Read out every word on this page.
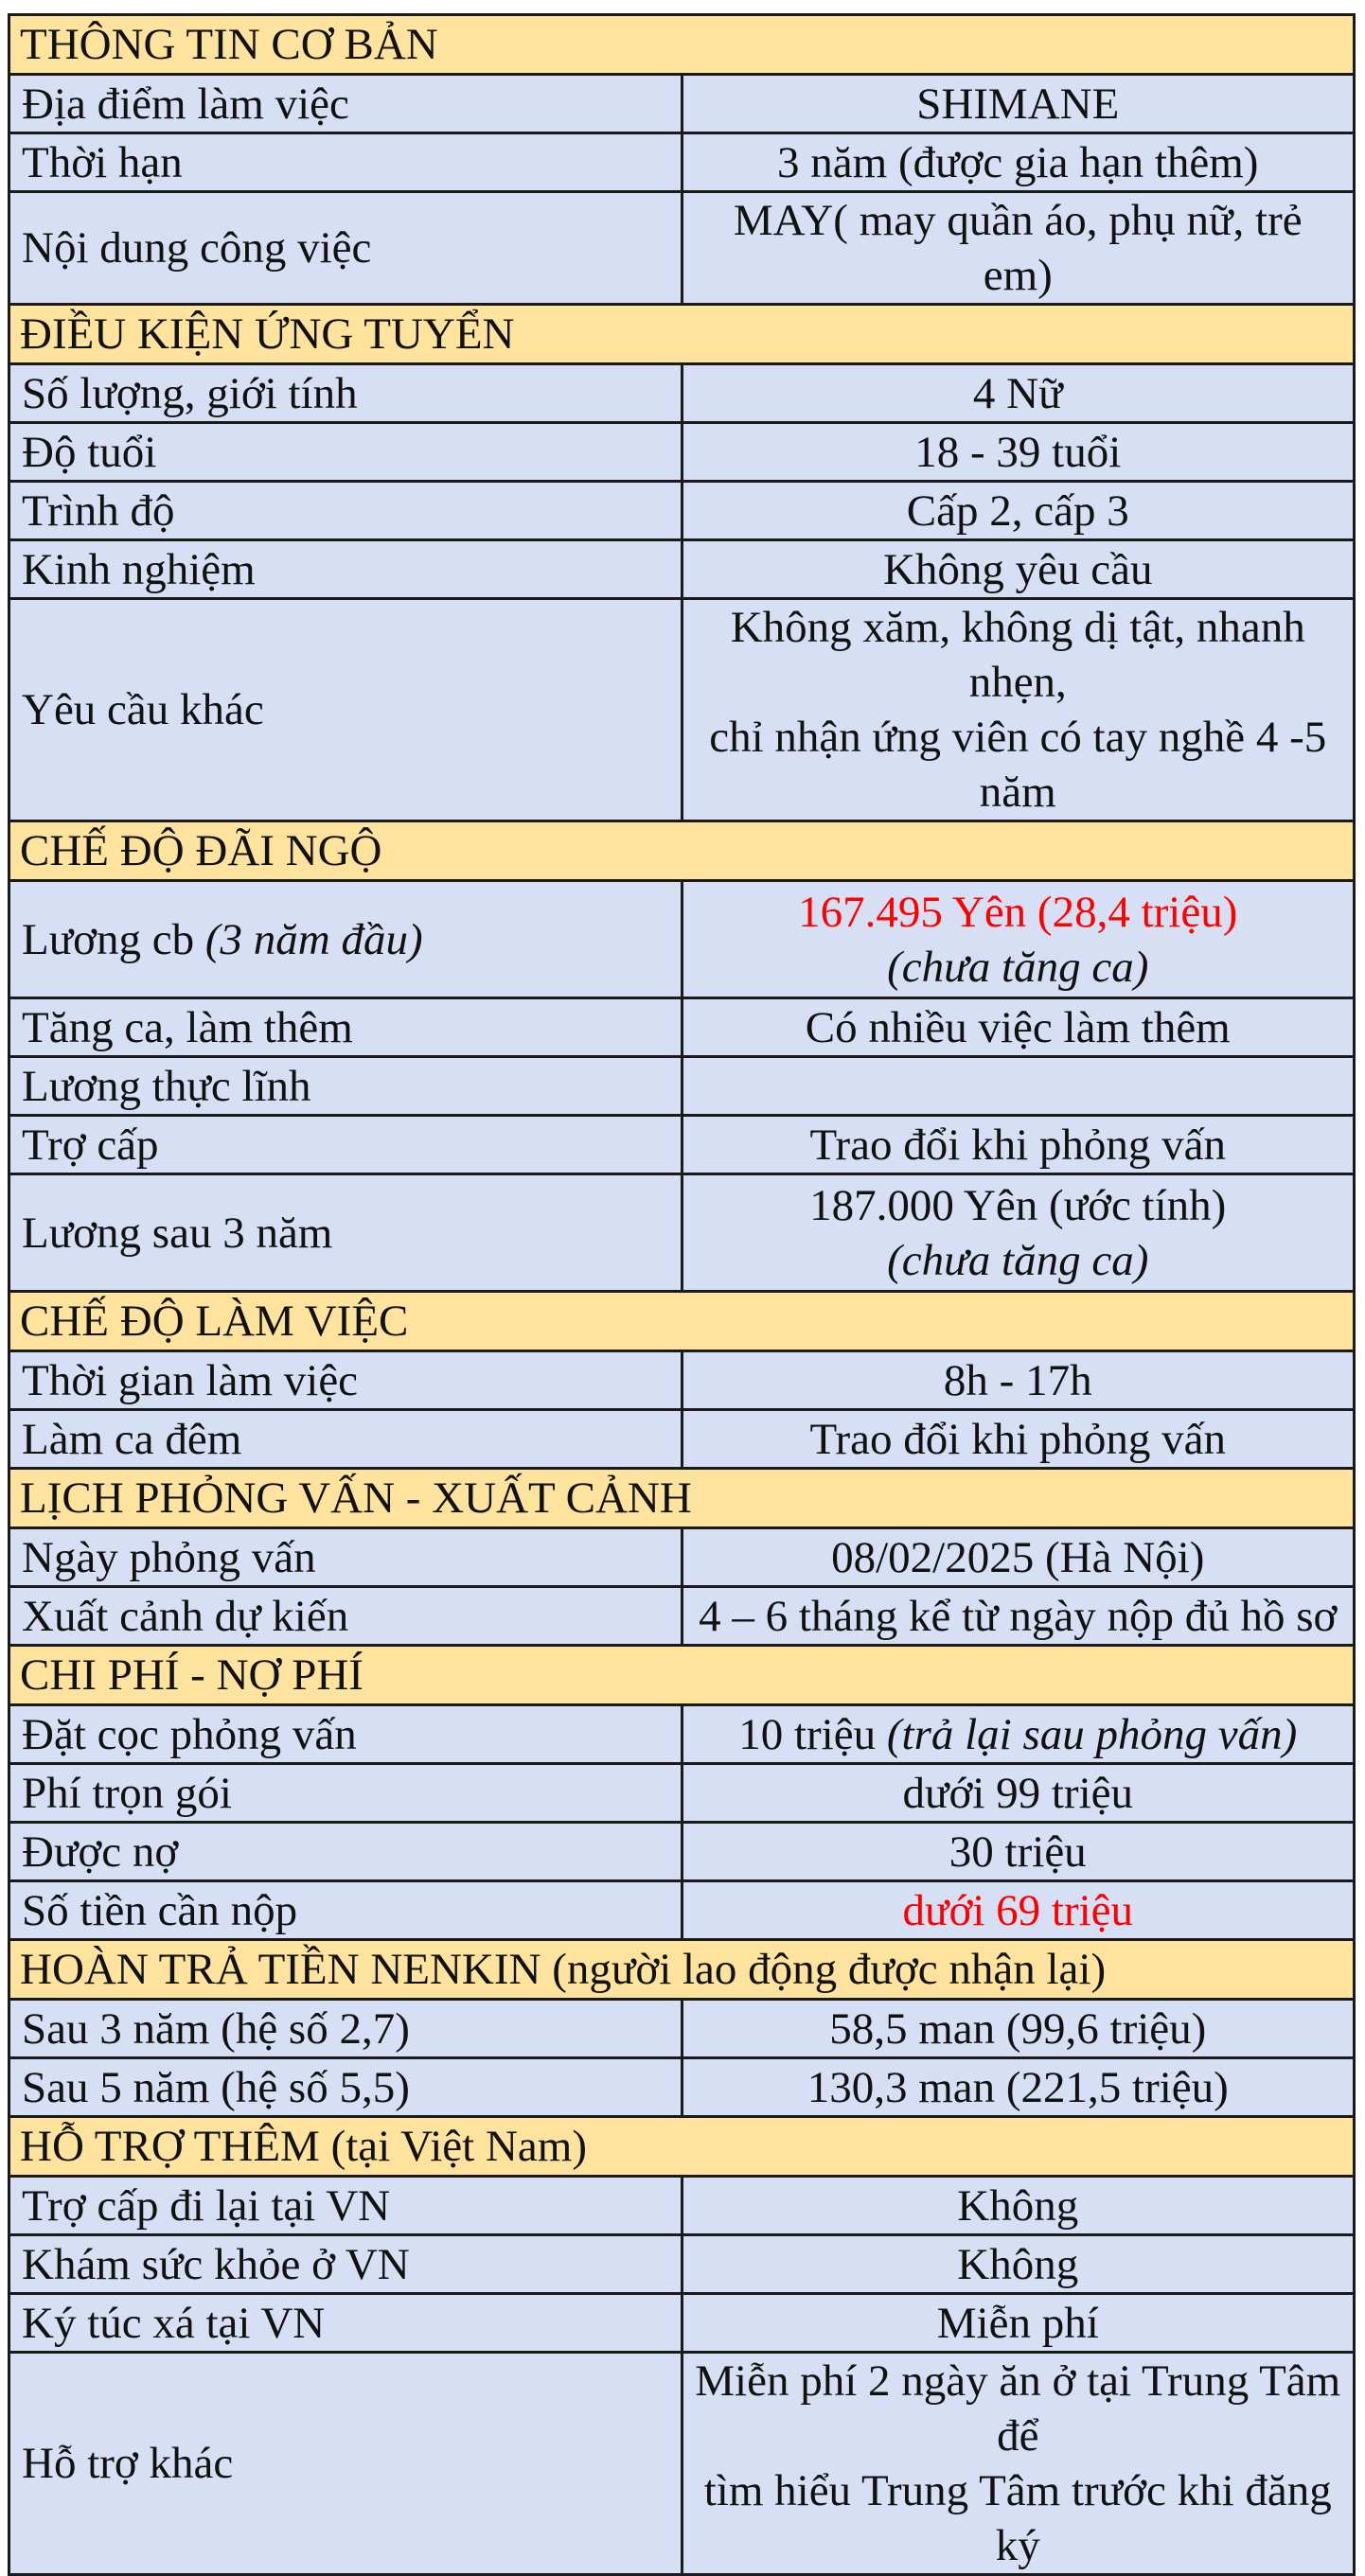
THÔNG TIN CƠ BẢN	
Địa điểm làm việc	SHIMANE
Thời hạn	3 năm (được gia hạn thêm)
Nội dung công việc	MAY( may quần áo, phụ nữ, trẻ em)
ĐIỀU KIỆN ỨNG TUYỂN	
Số lượng, giới tính	4 Nữ
Độ tuổi	18 - 39 tuổi
Trình độ	Cấp 2, cấp 3
Kinh nghiệm	Không yêu cầu
Yêu cầu khác	Không xăm, không dị tật, nhanh nhẹn,
chỉ nhận ứng viên có tay nghề 4 -5 năm

CHẾ ĐỘ ĐÃI NGỘ	
Lương cb (3 năm đầu)	167.495 Yên (28,4 triệu)
(chưa tăng ca)

Tăng ca, làm thêm	Có nhiều việc làm thêm
Lương thực lĩnh	
Trợ cấp	Trao đổi khi phỏng vấn
Lương sau 3 năm	187.000 Yên (ước tính)
(chưa tăng ca)

CHẾ ĐỘ LÀM VIỆC	
Thời gian làm việc	8h - 17h
Làm ca đêm	Trao đổi khi phỏng vấn
LỊCH PHỎNG VẤN - XUẤT CẢNH	
Ngày phỏng vấn	08/02/2025 (Hà Nội)
Xuất cảnh dự kiến	4 – 6 tháng kể từ ngày nộp đủ hồ sơ
CHI PHÍ - NỢ PHÍ	
Đặt cọc phỏng vấn	10 triệu (trả lại sau phỏng vấn)
Phí trọn gói	dưới 99 triệu
Được nợ	30 triệu
Số tiền cần nộp	dưới 69 triệu
HOÀN TRẢ TIỀN NENKIN (người lao động được nhận lại)	
Sau 3 năm (hệ số 2,7)	58,5 man (99,6 triệu)
Sau 5 năm (hệ số 5,5)	130,3 man (221,5 triệu)
HỖ TRỢ THÊM (tại Việt Nam)	
Trợ cấp đi lại tại VN	Không
Khám sức khỏe ở VN	Không
Ký túc xá tại VN	Miễn phí
Hỗ trợ khác	Miễn phí 2 ngày ăn ở tại Trung Tâm để
tìm hiểu Trung Tâm trước khi đăng ký
